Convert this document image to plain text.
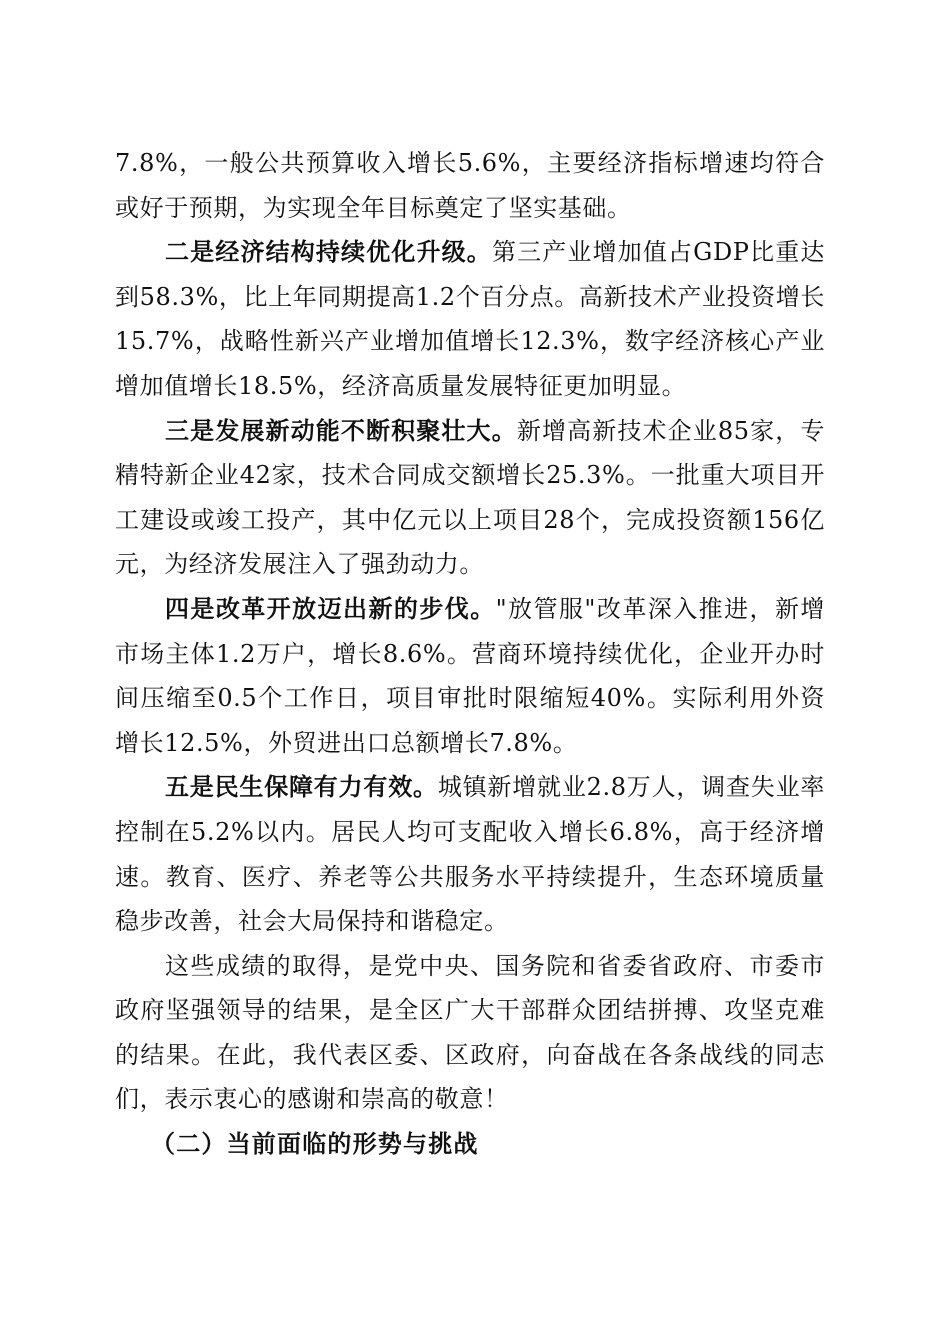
7.8%，一般公共预算收入增长5.6%，主要经济指标增速均符合或好于预期，为实现全年目标奠定了坚实基础。

二是经济结构持续优化升级。第三产业增加值占GDP比重达到58.3%，比上年同期提高1.2个百分点。高新技术产业投资增长15.7%，战略性新兴产业增加值增长12.3%，数字经济核心产业增加值增长18.5%，经济高质量发展特征更加明显。

三是发展新动能不断积聚壮大。新增高新技术企业85家，专精特新企业42家，技术合同成交额增长25.3%。一批重大项目开工建设或竣工投产，其中亿元以上项目28个，完成投资额156亿元，为经济发展注入了强劲动力。

四是改革开放迈出新的步伐。"放管服"改革深入推进，新增市场主体1.2万户，增长8.6%。营商环境持续优化，企业开办时间压缩至0.5个工作日，项目审批时限缩短40%。实际利用外资增长12.5%，外贸进出口总额增长7.8%。

五是民生保障有力有效。城镇新增就业2.8万人，调查失业率控制在5.2%以内。居民人均可支配收入增长6.8%，高于经济增速。教育、医疗、养老等公共服务水平持续提升，生态环境质量稳步改善，社会大局保持和谐稳定。

这些成绩的取得，是党中央、国务院和省委省政府、市委市政府坚强领导的结果，是全区广大干部群众团结拼搏、攻坚克难的结果。在此，我代表区委、区政府，向奋战在各条战线的同志们，表示衷心的感谢和崇高的敬意！

（二）当前面临的形势与挑战
